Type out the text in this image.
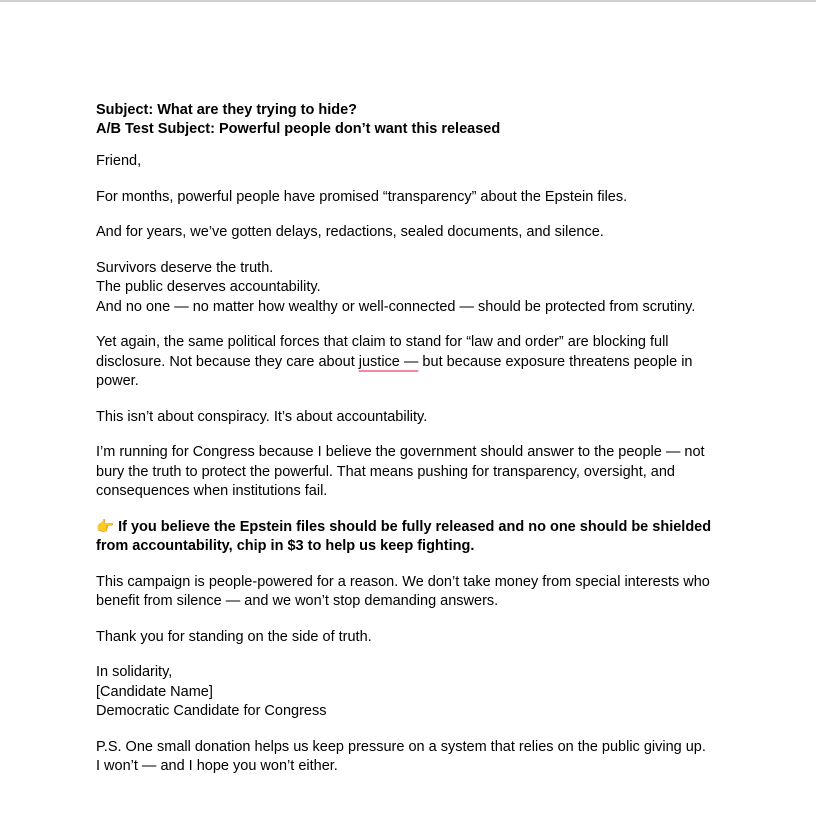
Subject: What are they trying to hide?
A/B Test Subject: Powerful people don’t want this released

Friend,

For months, powerful people have promised “transparency” about the Epstein files.

And for years, we’ve gotten delays, redactions, sealed documents, and silence.

Survivors deserve the truth.
The public deserves accountability.
And no one — no matter how wealthy or well-connected — should be protected from scrutiny.

Yet again, the same political forces that claim to stand for “law and order” are blocking full disclosure. Not because they care about justice — but because exposure threatens people in power.

This isn’t about conspiracy. It’s about accountability.

I’m running for Congress because I believe the government should answer to the people — not bury the truth to protect the powerful. That means pushing for transparency, oversight, and consequences when institutions fail.

👉 If you believe the Epstein files should be fully released and no one should be shielded from accountability, chip in $3 to help us keep fighting.

This campaign is people-powered for a reason. We don’t take money from special interests who benefit from silence — and we won’t stop demanding answers.

Thank you for standing on the side of truth.

In solidarity,
[Candidate Name]
Democratic Candidate for Congress

P.S. One small donation helps us keep pressure on a system that relies on the public giving up.
I won’t — and I hope you won’t either.
